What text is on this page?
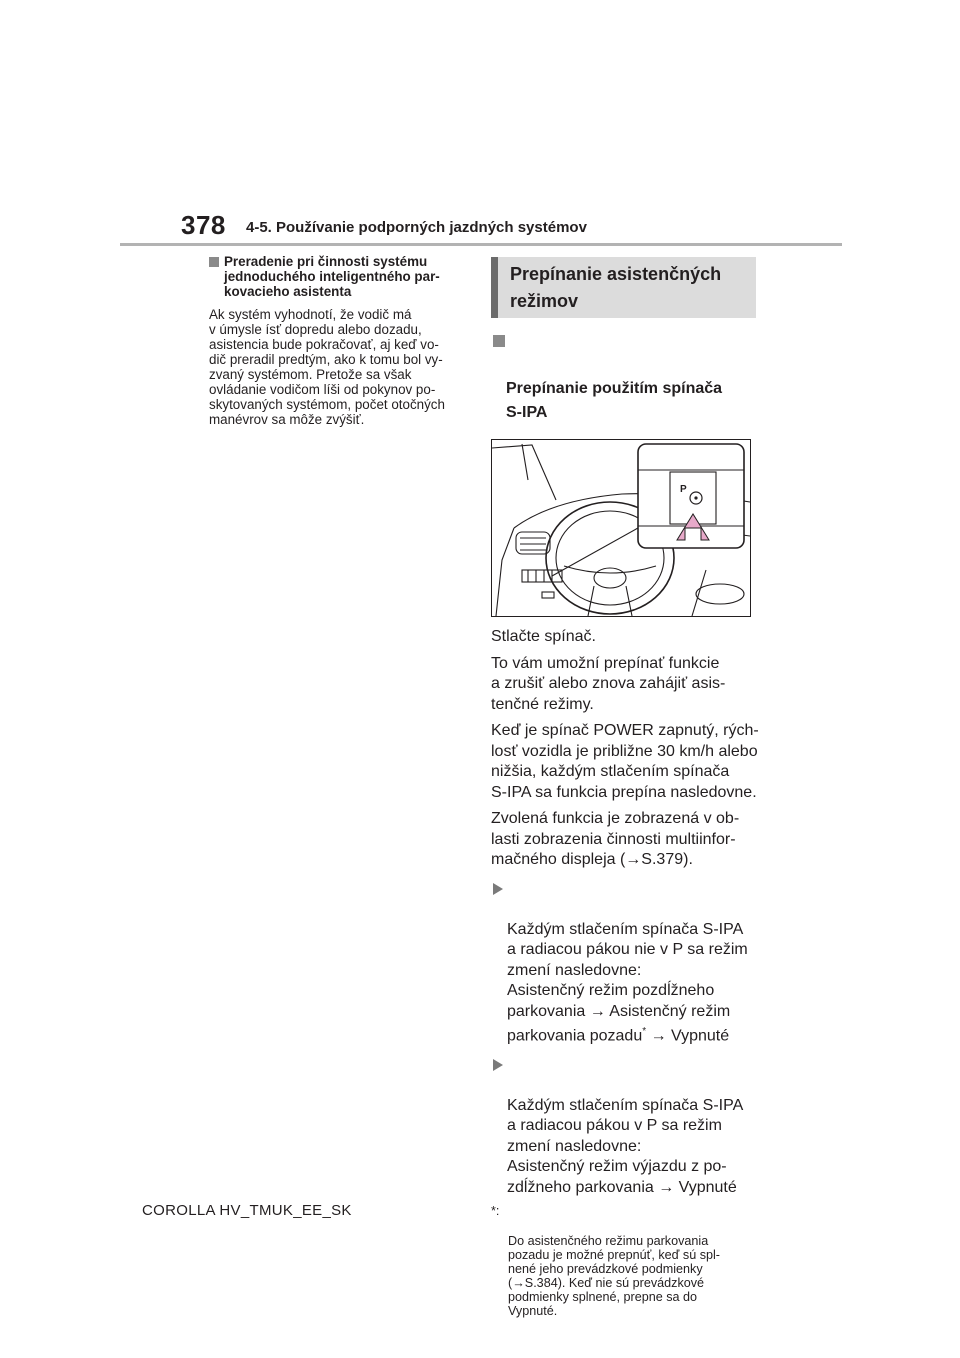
378 4-5. Používanie podporných jazdných systémov
Preradenie pri činnosti systému jednoduchého inteligentného par-kovacieho asistenta
Ak systém vyhodnotí, že vodič má
v úmysle ísť dopredu alebo dozadu,
asistencia bude pokračovať, aj keď vo-
dič preradil predtým, ako k tomu bol vy-
zvaný systémom. Pretože sa však
ovládanie vodičom líši od pokynov po-
skytovaných systémom, počet otočných
manévrov sa môže zvýšiť.
Prepínanie asistenčných
režimov

Prepínanie použitím spínača
S-IPA

P
Stlačte spínač.
To vám umožní prepínať funkcie
a zrušiť alebo znova zahájiť asis-
tenčné režimy.
Keď je spínač POWER zapnutý, rých-
losť vozidla je približne 30 km/h alebo
nižšia, každým stlačením spínača
S-IPA sa funkcia prepína nasledovne.
Zvolená funkcia je zobrazená v ob-
lasti zobrazenia činnosti multiinfor-
mačného displeja (→S.379).

Každým stlačením spínača S-IPA
a radiacou pákou nie v P sa režim
zmení nasledovne:
Asistenčný režim pozdĺžneho
parkovania → Asistenčný režim
parkovania pozadu* → Vypnuté

Každým stlačením spínača S-IPA
a radiacou pákou v P sa režim
zmení nasledovne:
Asistenčný režim výjazdu z po-
zdĺžneho parkovania → Vypnuté

*:

Do asistenčného režimu parkovania
pozadu je možné prepnúť, keď sú spl-
nené jeho prevádzkové podmienky
(→S.384). Keď nie sú prevádzkové
podmienky splnené, prepne sa do
Vypnuté.

COROLLA HV_TMUK_EE_SK
